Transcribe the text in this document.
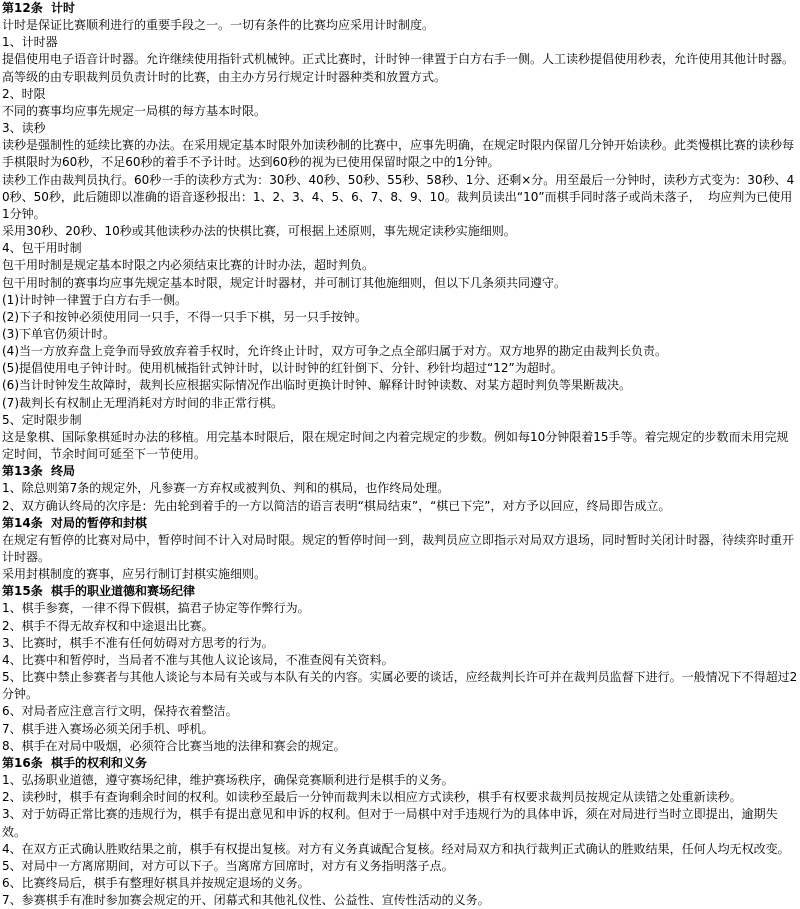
第12条  计时
计时是保证比赛顺利进行的重要手段之一。一切有条件的比赛均应采用计时制度。
1、计时器
提倡使用电子语音计时器。允许继续使用指针式机械钟。正式比赛时，计时钟一律置于白方右手一侧。人工读秒提倡使用秒表，允许使用其他计时器。高等级的由专职裁判员负责计时的比赛，由主办方另行规定计时器种类和放置方式。
2、时限
不同的赛事均应事先规定一局棋的每方基本时限。
3、读秒
读秒是强制性的延续比赛的办法。在采用规定基本时限外加读秒制的比赛中，应事先明确，在规定时限内保留几分钟开始读秒。此类慢棋比赛的读秒每手棋限时为60秒，不足60秒的着手不予计时。达到60秒的视为已使用保留时限之中的1分钟。
读秒工作由裁判员执行。60秒一手的读秒方式为：30秒、40秒、50秒、55秒、58秒、1分、还剩×分。用至最后一分钟时，读秒方式变为：30秒、40秒、50秒，此后随即以准确的语音逐秒报出：1、2、3、4、5、6、7、8、9、10。裁判员读出“10”而棋手同时落子或尚未落子，  均应判为已使用1分钟。
采用30秒、20秒、10秒或其他读秒办法的快棋比赛，可根据上述原则，事先规定读秒实施细则。
4、包干用时制
包干用时制是规定基本时限之内必须结束比赛的计时办法，超时判负。
包干用时制的赛事均应事先规定基本时限，规定计时器材，并可制订其他施细则，但以下几条须共同遵守。
(1)计时钟一律置于白方右手一侧。
(2)下子和按钟必须使用同一只手，不得一只手下棋，另一只手按钟。
(3)下单官仍须计时。
(4)当一方放弃盘上竞争而导致放弃着手权时，允许终止计时，双方可争之点全部归属于对方。双方地界的勘定由裁判长负责。
(5)提倡使用电子钟计时。使用机械指针式钟计时，以计时钟的红针倒下、分针、秒针均超过“12”为超时。
(6)当计时钟发生故障时，裁判长应根据实际情况作出临时更换计时钟、解释计时钟读数、对某方超时判负等果断裁决。
(7)裁判长有权制止无理消耗对方时间的非正常行棋。
5、定时限步制
这是象棋、国际象棋延时办法的移植。用完基本时限后，限在规定时间之内着完规定的步数。例如每10分钟限着15手等。着完规定的步数而未用完规定时间，节余时间可延至下一节使用。
第13条  终局
1、除总则第7条的规定外，凡参赛一方弃权或被判负、判和的棋局，也作终局处理。
2、双方确认终局的次序是：先由轮到着手的一方以简洁的语言表明“棋局结束”，“棋已下完”，对方予以回应，终局即告成立。
第14条  对局的暂停和封棋
在规定有暂停的比赛对局中，暂停时间不计入对局时限。规定的暂停时间一到，裁判员应立即指示对局双方退场，同时暂时关闭计时器，待续弈时重开计时器。
采用封棋制度的赛事，应另行制订封棋实施细则。
第15条  棋手的职业道德和赛场纪律
1、棋手参赛，一律不得下假棋，搞君子协定等作弊行为。
2、棋手不得无故弃权和中途退出比赛。
3、比赛时，棋手不准有任何妨碍对方思考的行为。
4、比赛中和暂停时，当局者不准与其他人议论该局，不准查阅有关资料。
5、比赛中禁止参赛者与其他人谈论与本局有关或与本队有关的内容。实属必要的谈话，应经裁判长许可并在裁判员监督下进行。一般情况下不得超过2分钟。
6、对局者应注意言行文明，保持衣着整洁。
7、棋手进入赛场必须关闭手机、呼机。
8、棋手在对局中吸烟，必须符合比赛当地的法律和赛会的规定。
第16条  棋手的权利和义务
1、弘扬职业道德，遵守赛场纪律，维护赛场秩序，确保竞赛顺利进行是棋手的义务。
2、读秒时，棋手有查询剩余时间的权利。如读秒至最后一分钟而裁判未以相应方式读秒，棋手有权要求裁判员按规定从读错之处重新读秒。
3、对于妨碍正常比赛的违规行为，棋手有提出意见和申诉的权利。但对于一局棋中对手违规行为的具体申诉，须在对局进行当时立即提出，逾期失效。
4、在双方正式确认胜败结果之前，棋手有权提出复核。对方有义务真诚配合复核。经对局双方和执行裁判正式确认的胜败结果，任何人均无权改变。
5、对局中一方离席期间，对方可以下子。当离席方回席时，对方有义务指明落子点。
6、比赛终局后，棋手有整理好棋具并按规定退场的义务。
7、参赛棋手有准时参加赛会规定的开、闭幕式和其他礼仪性、公益性、宣传性活动的义务。
